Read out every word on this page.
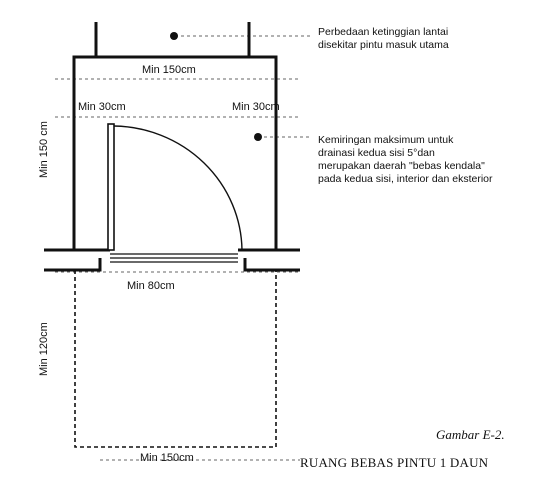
Min 150cm
Min 30cm	Min 30cm
Min 80cm
Min 150cm
Min 150 cm
Min 120cm
Perbedaan ketinggian lantai
disekitar pintu masuk utama
Kemiringan maksimum untuk
drainasi kedua sisi 5°dan
merupakan daerah "bebas kendala"
pada kedua sisi, interior dan eksterior
Gambar E-2.
RUANG BEBAS PINTU 1 DAUN
